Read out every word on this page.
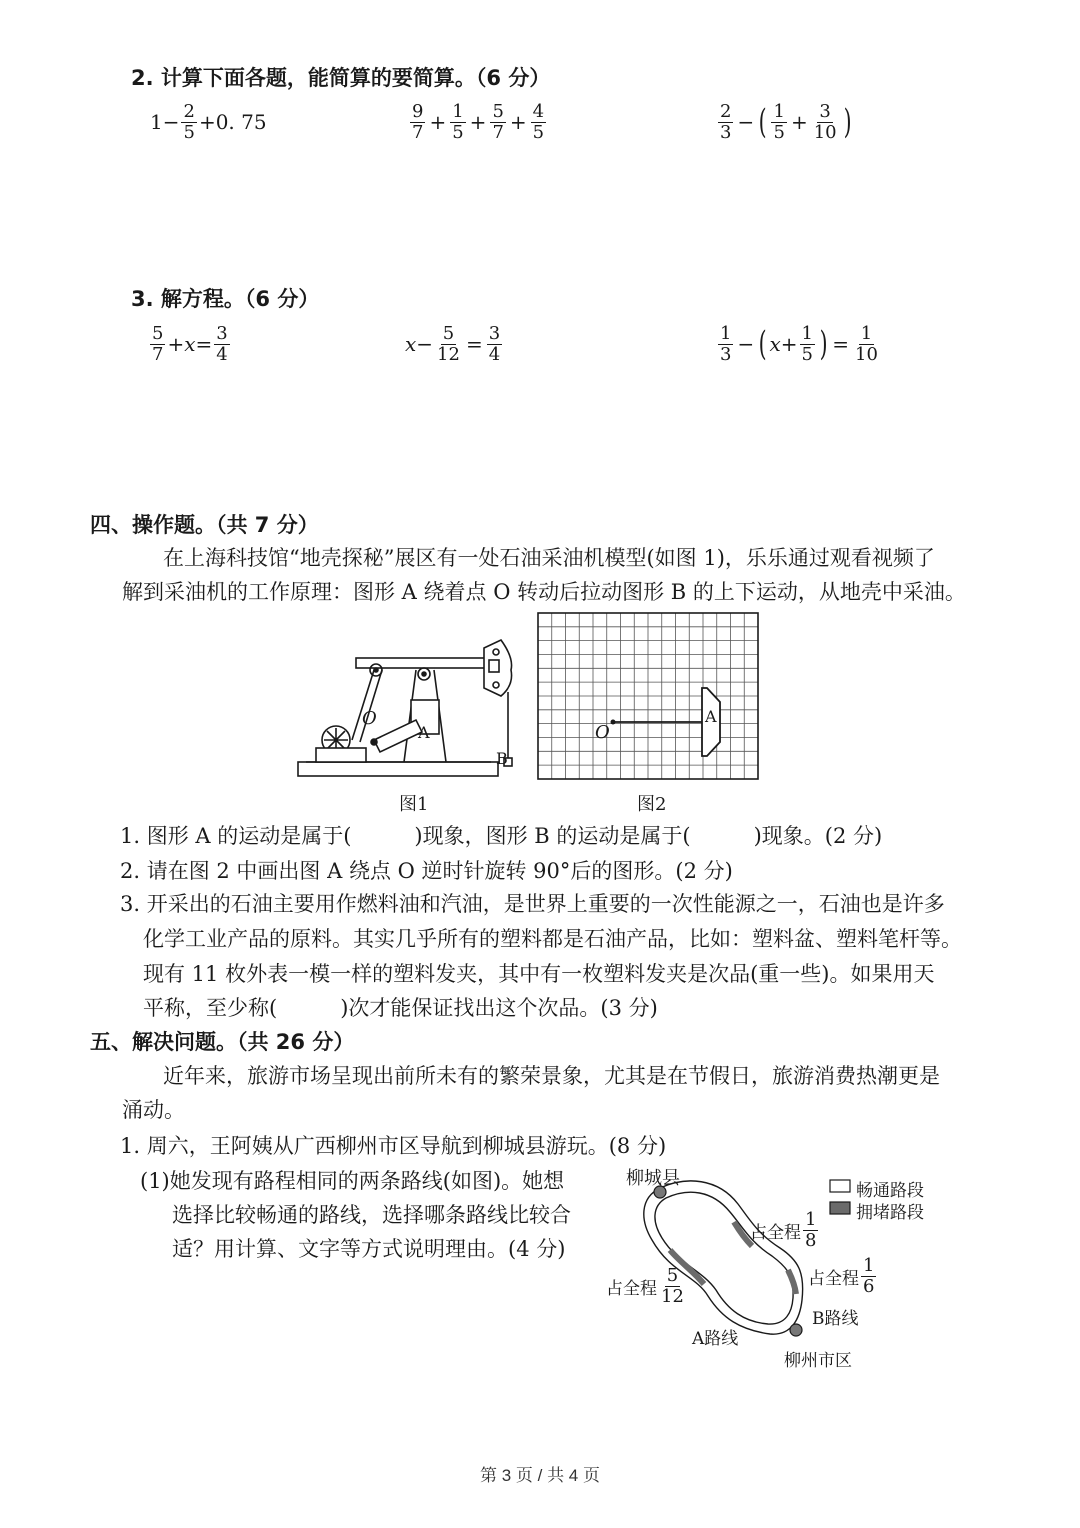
2. 计算下面各题，能简算的要简算。（6 分）
$1- \frac{2}{5} +0$. 75	$\frac{9}{7} + \frac{1}{5} + \frac{5}{7} + \frac{4}{5}$	$\frac{2}{3}$ − ( $\frac{1}{5} + \frac{3}{10}$ )
3. 解方程。（6 分）
$\frac{5}{7} +x= \frac{3}{4}$	$x- \frac{5}{12} = \frac{3}{4}$	$\frac{1}{3}$ − ( $x+ \frac{1}{5}$ ) = $\frac{1}{10}$
四、操作题。（共 7 分）
在上海科技馆“地壳探秘”展区有一处石油采油机模型(如图 1)，乐乐通过观看视频了
解到采油机的工作原理：图形 A 绕着点 O 转动后拉动图形 B 的上下运动，从地壳中采油。
O
A
B
图1
O
A
图2
1. 图形 A 的运动是属于(　　　)现象，图形 B 的运动是属于(　　　)现象。(2 分)
2. 请在图 2 中画出图 A 绕点 O 逆时针旋转 90°后的图形。(2 分)
3. 开采出的石油主要用作燃料油和汽油，是世界上重要的一次性能源之一，石油也是许多
化学工业产品的原料。其实几乎所有的塑料都是石油产品，比如：塑料盆、塑料笔杆等。
现有 11 枚外表一模一样的塑料发夹，其中有一枚塑料发夹是次品(重一些)。如果用天
平称，至少称(　　　)次才能保证找出这个次品。(3 分)
五、解决问题。（共 26 分）
近年来，旅游市场呈现出前所未有的繁荣景象，尤其是在节假日，旅游消费热潮更是
涌动。
1. 周六，王阿姨从广西柳州市区导航到柳城县游玩。(8 分)
(1)她发现有路程相同的两条路线(如图)。她想
选择比较畅通的路线，选择哪条路线比较合
适？用计算、文字等方式说明理由。(4 分)
柳城县
畅通路段
拥堵路段
占全程 $\frac{1}{8}$
占全程 $\frac{1}{6}$
占全程 $\frac{5}{12}$
B路线
A路线
柳州市区
第 3 页 / 共 4 页
